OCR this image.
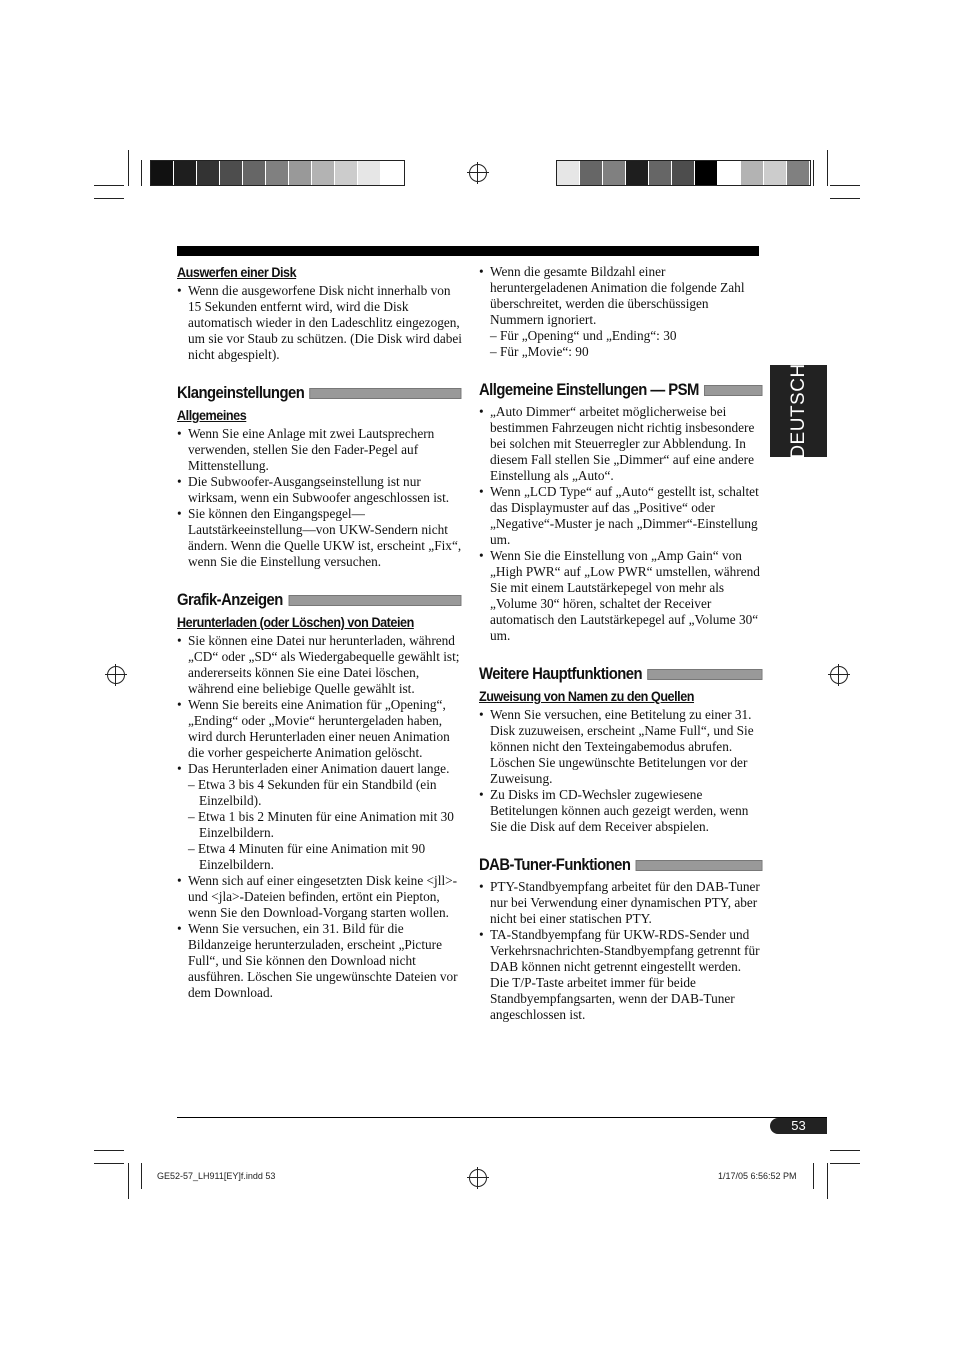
Auswerfen einer Disk
• Wenn die ausgeworfene Disk nicht innerhalb von 15 Sekunden entfernt wird, wird die Disk automatisch wieder in den Ladeschlitz eingezogen, um sie vor Staub zu schützen. (Die Disk wird dabei nicht abgespielt).
Klangeinstellungen
Allgemeines
• Wenn Sie eine Anlage mit zwei Lautsprechern verwenden, stellen Sie den Fader-Pegel auf Mittenstellung.
• Die Subwoofer-Ausgangseinstellung ist nur wirksam, wenn ein Subwoofer angeschlossen ist.
• Sie können den Eingangspegel—Lautstärkeeinstellung—von UKW-Sendern nicht ändern. Wenn die Quelle UKW ist, erscheint „Fix“, wenn Sie die Einstellung versuchen.
Grafik-Anzeigen
Herunterladen (oder Löschen) von Dateien
• Sie können eine Datei nur herunterladen, während „CD“ oder „SD“ als Wiedergabequelle gewählt ist; andererseits können Sie eine Datei löschen, während eine beliebige Quelle gewählt ist.
• Wenn Sie bereits eine Animation für „Opening“, „Ending“ oder „Movie“ heruntergeladen haben, wird durch Herunterladen einer neuen Animation die vorher gespeicherte Animation gelöscht.
• Das Herunterladen einer Animation dauert lange.
– Etwa 3 bis 4 Sekunden für ein Standbild (ein Einzelbild).
– Etwa 1 bis 2 Minuten für eine Animation mit 30 Einzelbildern.
– Etwa 4 Minuten für eine Animation mit 90 Einzelbildern.
• Wenn sich auf einer eingesetzten Disk keine <jll>- und <jla>-Dateien befinden, ertönt ein Piepton, wenn Sie den Download-Vorgang starten wollen.
• Wenn Sie versuchen, ein 31. Bild für die Bildanzeige herunterzuladen, erscheint „Picture Full“, und Sie können den Download nicht ausführen. Löschen Sie ungewünschte Dateien vor dem Download.
• Wenn die gesamte Bildzahl einer heruntergeladenen Animation die folgende Zahl überschreitet, werden die überschüssigen Nummern ignoriert.
– Für „Opening“ und „Ending“: 30
– Für „Movie“: 90
Allgemeine Einstellungen — PSM
• „Auto Dimmer“ arbeitet möglicherweise bei bestimmen Fahrzeugen nicht richtig insbesondere bei solchen mit Steuerregler zur Abblendung. In diesem Fall stellen Sie „Dimmer“ auf eine andere Einstellung als „Auto“.
• Wenn „LCD Type“ auf „Auto“ gestellt ist, schaltet das Displaymuster auf das „Positive“ oder „Negative“-Muster je nach „Dimmer“-Einstellung um.
• Wenn Sie die Einstellung von „Amp Gain“ von „High PWR“ auf „Low PWR“ umstellen, während Sie mit einem Lautstärkepegel von mehr als „Volume 30“ hören, schaltet der Receiver automatisch den Lautstärkepegel auf „Volume 30“ um.
Weitere Hauptfunktionen
Zuweisung von Namen zu den Quellen
• Wenn Sie versuchen, eine Betitelung zu einer 31. Disk zuzuweisen, erscheint „Name Full“, und Sie können nicht den Texteingabemodus abrufen. Löschen Sie ungewünschte Betitelungen vor der Zuweisung.
• Zu Disks im CD-Wechsler zugewiesene Betitelungen können auch gezeigt werden, wenn Sie die Disk auf dem Receiver abspielen.
DAB-Tuner-Funktionen
• PTY-Standbyempfang arbeitet für den DAB-Tuner nur bei Verwendung einer dynamischen PTY, aber nicht bei einer statischen PTY.
• TA-Standbyempfang für UKW-RDS-Sender und Verkehrsnachrichten-Standbyempfang getrennt für DAB können nicht getrennt eingestellt werden. Die T/P-Taste arbeitet immer für beide Standbyempfangsarten, wenn der DAB-Tuner angeschlossen ist.
DEUTSCH
53
GE52-57_LH911[EY]f.indd 53	1/17/05 6:56:52 PM
